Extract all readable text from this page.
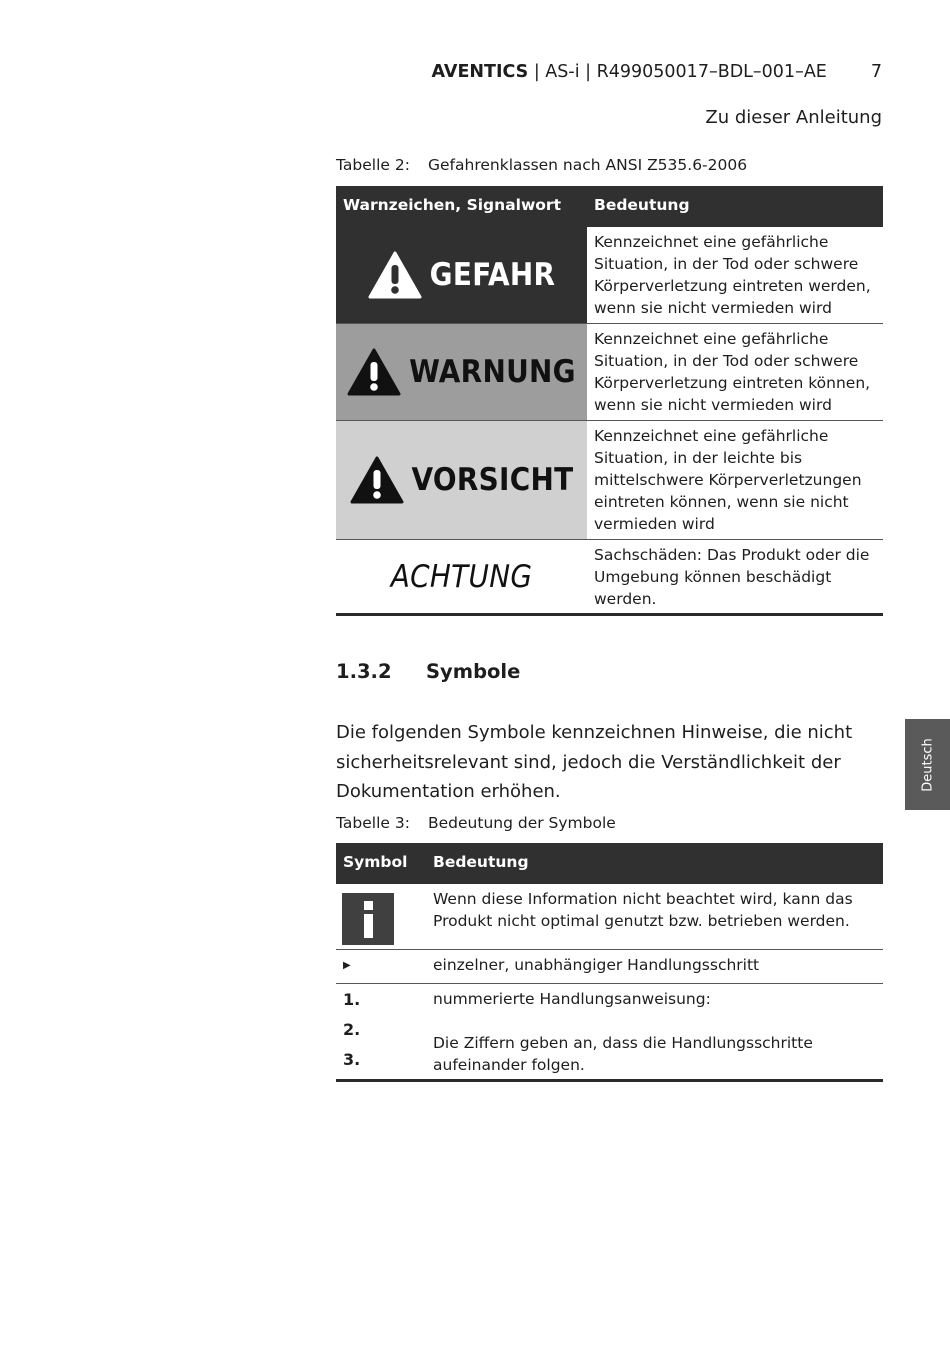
AVENTICS | AS-i | R499050017–BDL–001–AE	7
Zu dieser Anleitung
Tabelle 2: Gefahrenklassen nach ANSI Z535.6-2006
Warnzeichen, Signalwort Bedeutung
GEFAHR
Kennzeichnet eine gefährliche Situation, in der Tod oder schwere Körperverletzung eintreten werden, wenn sie nicht vermieden wird
WARNUNG
Kennzeichnet eine gefährliche Situation, in der Tod oder schwere Körperverletzung eintreten können, wenn sie nicht vermieden wird
VORSICHT
Kennzeichnet eine gefährliche Situation, in der leichte bis mittelschwere Körperverletzungen eintreten können, wenn sie nicht vermieden wird
ACHTUNG
Sachschäden: Das Produkt oder die Umgebung können beschädigt werden.
1.3.2 Symbole
Die folgenden Symbole kennzeichnen Hinweise, die nicht sicherheitsrelevant sind, jedoch die Verständlichkeit der Dokumentation erhöhen.
Tabelle 3: Bedeutung der Symbole
Symbol Bedeutung
Wenn diese Information nicht beachtet wird, kann das Produkt nicht optimal genutzt bzw. betrieben werden.
▶	einzelner, unabhängiger Handlungsschritt
1.
2.
3.
nummerierte Handlungsanweisung:
Die Ziffern geben an, dass die Handlungsschritte aufeinander folgen.
Deutsch
